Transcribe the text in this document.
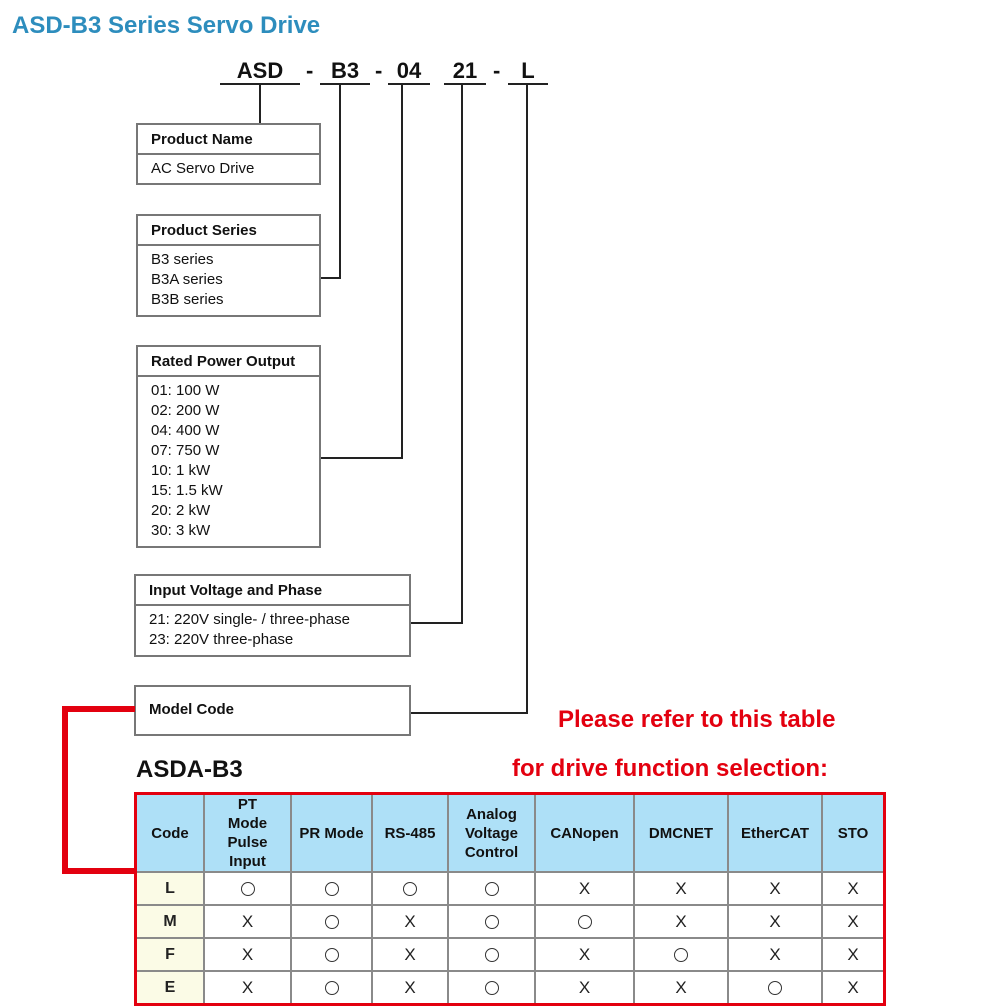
ASD-B3 Series Servo Drive
ASD	- B3 - 04	21 - L
Product Name
AC Servo Drive
Product Series
B3 series
B3A series
B3B series
Rated Power Output
01: 100 W
02: 200 W
04: 400 W
07: 750 W
10: 1 kW
15: 1.5 kW
20: 2 kW
30: 3 kW
Input Voltage and Phase
21: 220V single- / three-phase
23: 220V three-phase
Model Code	Please refer to this table
for drive function selection:
ASDA-B3
Code	PT Mode Pulse Input	PR Mode	RS-485	Analog Voltage Control	CANopen	DMCNET	EtherCAT	STO
L					X	X	X	X
M	X		X			X	X	X
F	X		X		X		X	X
E	X		X		X	X		X
